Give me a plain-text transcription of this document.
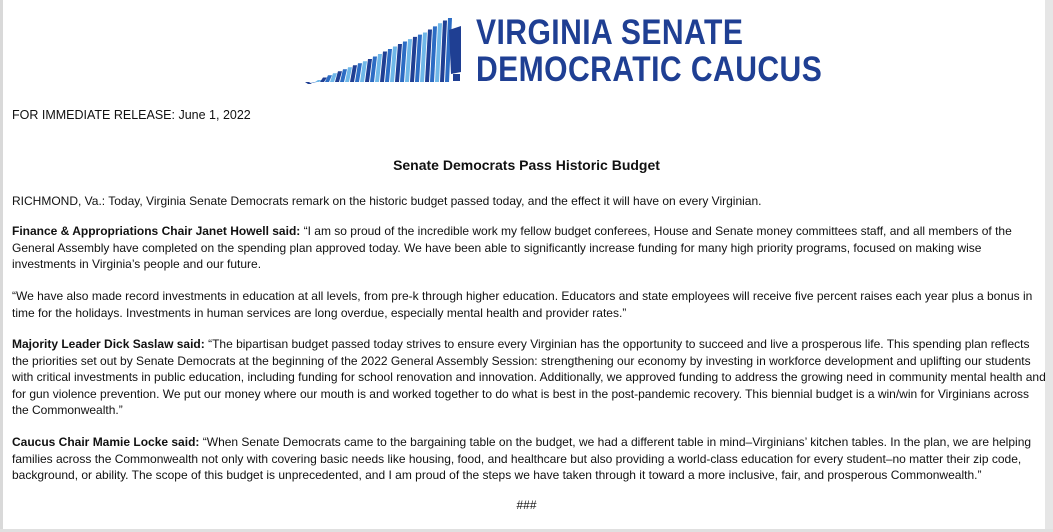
VIRGINIA SENATE
DEMOCRATIC CAUCUS
FOR IMMEDIATE RELEASE: June 1, 2022
Senate Democrats Pass Historic Budget
RICHMOND, Va.: Today, Virginia Senate Democrats remark on the historic budget passed today, and the effect it will have on every Virginian.
Finance & Appropriations Chair Janet Howell said: “I am so proud of the incredible work my fellow budget conferees, House and Senate money committees staff, and all members of the General Assembly have completed on the spending plan approved today. We have been able to significantly increase funding for many high priority programs, focused on making wise investments in Virginia’s people and our future.
“We have also made record investments in education at all levels, from pre-k through higher education. Educators and state employees will receive five percent raises each year plus a bonus in time for the holidays. Investments in human services are long overdue, especially mental health and provider rates.”
Majority Leader Dick Saslaw said: “The bipartisan budget passed today strives to ensure every Virginian has the opportunity to succeed and live a prosperous life. This spending plan reflects the priorities set out by Senate Democrats at the beginning of the 2022 General Assembly Session: strengthening our economy by investing in workforce development and uplifting our students with critical investments in public education, including funding for school renovation and innovation. Additionally, we approved funding to address the growing need in community mental health and for gun violence prevention. We put our money where our mouth is and worked together to do what is best in the post-pandemic recovery. This biennial budget is a win/win for Virginians across the Commonwealth.”
Caucus Chair Mamie Locke said: “When Senate Democrats came to the bargaining table on the budget, we had a different table in mind–Virginians’ kitchen tables. In the plan, we are helping families across the Commonwealth not only with covering basic needs like housing, food, and healthcare but also providing a world-class education for every student–no matter their zip code, background, or ability. The scope of this budget is unprecedented, and I am proud of the steps we have taken through it toward a more inclusive, fair, and prosperous Commonwealth.”
###
